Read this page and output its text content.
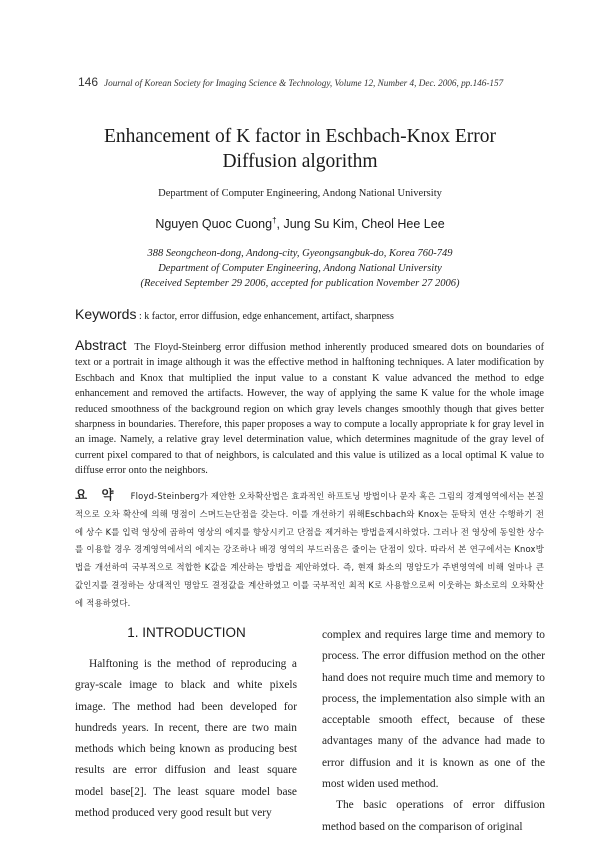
146 Journal of Korean Society for Imaging Science & Technology, Volume 12, Number 4, Dec. 2006, pp.146-157
Enhancement of K factor in Eschbach-Knox Error
Diffusion algorithm
Department of Computer Engineering, Andong National University
Nguyen Quoc Cuong†, Jung Su Kim, Cheol Hee Lee
388 Seongcheon-dong, Andong-city, Gyeongsangbuk-do, Korea 760-749
Department of Computer Engineering, Andong National University
(Received September 29 2006, accepted for publication November 27 2006)
Keywords : k factor, error diffusion, edge enhancement, artifact, sharpness
Abstract The Floyd-Steinberg error diffusion method inherently produced smeared dots on boundaries of text or a portrait in image although it was the effective method in halftoning techniques. A later modification by Eschbach and Knox that multiplied the input value to a constant K value advanced the method to edge enhancement and removed the artifacts. However, the way of applying the same K value for the whole image reduced smoothness of the background region on which gray levels changes smoothly though that gives better sharpness in boundaries. Therefore, this paper proposes a way to compute a locally appropriate k for gray level in an image. Namely, a relative gray level determination value, which determines magnitude of the gray level of current pixel compared to that of neighbors, is calculated and this value is utilized as a local optimal K value to diffuse error onto the neighbors.
요 약 Floyd-Steinberg가 제안한 오차확산법은 효과적인 하프토닝 방법이나 문자 혹은 그림의 경계영역에서는 본질적으로 오차 확산에 의해 명점이 스며드는단점을 갖는다. 이를 개선하기 위해Eschbach와 Knox는 둔탁치 연산 수행하기 전에 상수 K를 입력 영상에 곱하여 영상의 에지를 향상시키고 단점을 제거하는 방법을제시하였다. 그러나 전 영상에 동일한 상수를 이용할 경우 경계영역에서의 에지는 강조하나 배경 영역의 부드러움은 줄이는 단점이 있다. 따라서 본 연구에서는 Knox방법을 개선하여 국부적으로 적합한 K값을 계산하는 방법을 제안하였다. 즉, 현재 화소의 명암도가 주변영역에 비해 얼마나 큰 값인지를 결정하는 상대적인 명암도 결정값을 계산하였고 이를 국부적인 최적 K로 사용함으로써 이웃하는 화소로의 오차확산에 적용하였다.
1. INTRODUCTION

Halftoning is the method of reproducing a gray-scale image to black and white pixels image. The method had been developed for hundreds years. In recent, there are two main methods which being known as producing best results are error diffusion and least square model base[2]. The least square model base method produced very good result but very

complex and requires large time and memory to process. The error diffusion method on the other hand does not require much time and memory to process, the implementation also simple with an acceptable smooth effect, because of these advantages many of the advance had made to error diffusion and it is known as one of the most widen used method.

The basic operations of error diffusion method based on the comparison of original
